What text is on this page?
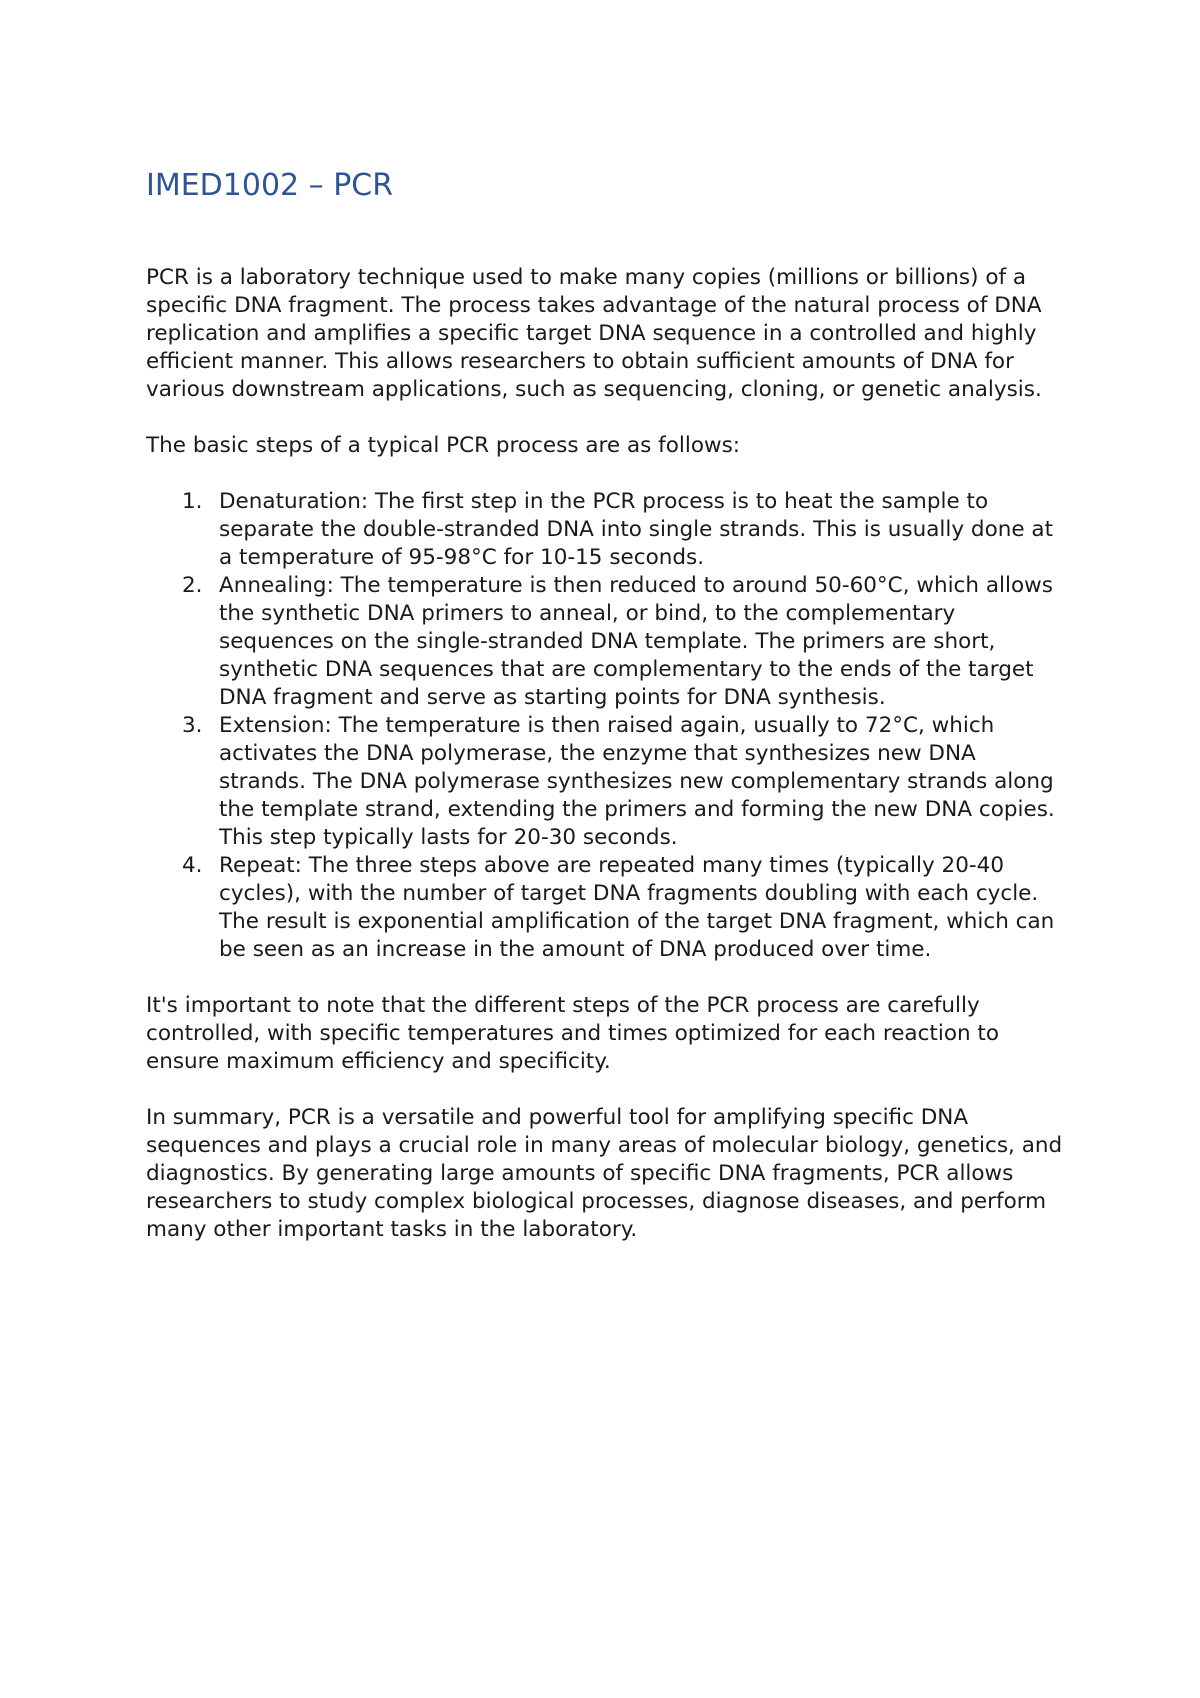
IMED1002 – PCR

PCR is a laboratory technique used to make many copies (millions or billions) of a specific DNA fragment. The process takes advantage of the natural process of DNA replication and amplifies a specific target DNA sequence in a controlled and highly efficient manner. This allows researchers to obtain sufficient amounts of DNA for various downstream applications, such as sequencing, cloning, or genetic analysis.

The basic steps of a typical PCR process are as follows:

1. Denaturation: The first step in the PCR process is to heat the sample to separate the double-stranded DNA into single strands. This is usually done at a temperature of 95-98°C for 10-15 seconds.
2. Annealing: The temperature is then reduced to around 50-60°C, which allows the synthetic DNA primers to anneal, or bind, to the complementary sequences on the single-stranded DNA template. The primers are short, synthetic DNA sequences that are complementary to the ends of the target DNA fragment and serve as starting points for DNA synthesis.
3. Extension: The temperature is then raised again, usually to 72°C, which activates the DNA polymerase, the enzyme that synthesizes new DNA strands. The DNA polymerase synthesizes new complementary strands along the template strand, extending the primers and forming the new DNA copies. This step typically lasts for 20-30 seconds.
4. Repeat: The three steps above are repeated many times (typically 20-40 cycles), with the number of target DNA fragments doubling with each cycle. The result is exponential amplification of the target DNA fragment, which can be seen as an increase in the amount of DNA produced over time.

It's important to note that the different steps of the PCR process are carefully controlled, with specific temperatures and times optimized for each reaction to ensure maximum efficiency and specificity.

In summary, PCR is a versatile and powerful tool for amplifying specific DNA sequences and plays a crucial role in many areas of molecular biology, genetics, and diagnostics. By generating large amounts of specific DNA fragments, PCR allows researchers to study complex biological processes, diagnose diseases, and perform many other important tasks in the laboratory.
